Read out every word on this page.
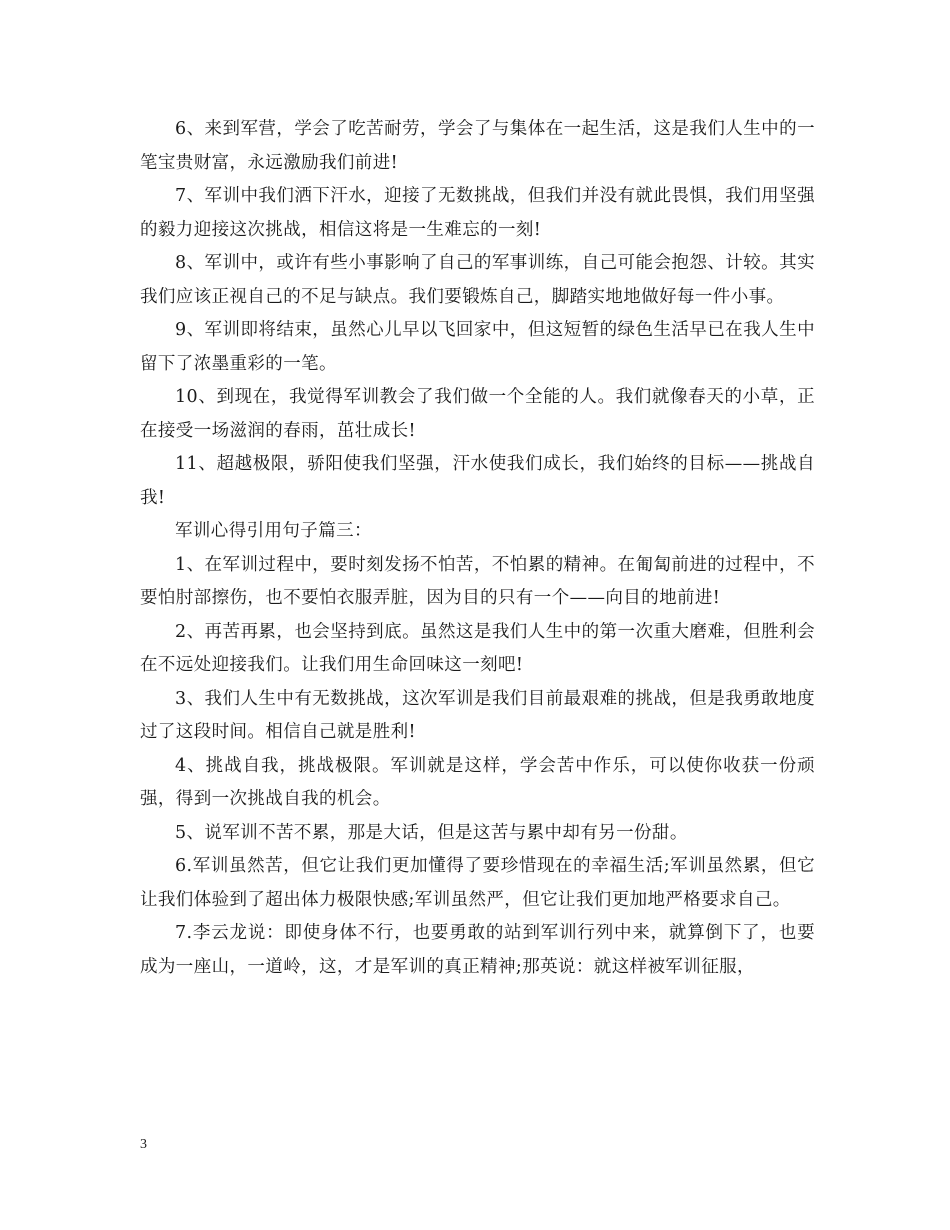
6、来到军营，学会了吃苦耐劳，学会了与集体在一起生活，这是我们人生中的一笔宝贵财富，永远激励我们前进!

7、军训中我们洒下汗水，迎接了无数挑战，但我们并没有就此畏惧，我们用坚强的毅力迎接这次挑战，相信这将是一生难忘的一刻!

8、军训中，或许有些小事影响了自己的军事训练，自己可能会抱怨、计较。其实我们应该正视自己的不足与缺点。我们要锻炼自己，脚踏实地地做好每一件小事。

9、军训即将结束，虽然心儿早以飞回家中，但这短暂的绿色生活早已在我人生中留下了浓墨重彩的一笔。

10、到现在，我觉得军训教会了我们做一个全能的人。我们就像春天的小草，正在接受一场滋润的春雨，茁壮成长!

11、超越极限，骄阳使我们坚强，汗水使我们成长，我们始终的目标——挑战自我!

军训心得引用句子篇三：

1、在军训过程中，要时刻发扬不怕苦，不怕累的精神。在匍匐前进的过程中，不要怕肘部擦伤，也不要怕衣服弄脏，因为目的只有一个——向目的地前进!

2、再苦再累，也会坚持到底。虽然这是我们人生中的第一次重大磨难，但胜利会在不远处迎接我们。让我们用生命回味这一刻吧!

3、我们人生中有无数挑战，这次军训是我们目前最艰难的挑战，但是我勇敢地度过了这段时间。相信自己就是胜利!

4、挑战自我，挑战极限。军训就是这样，学会苦中作乐，可以使你收获一份顽强，得到一次挑战自我的机会。

5、说军训不苦不累，那是大话，但是这苦与累中却有另一份甜。

6.军训虽然苦，但它让我们更加懂得了要珍惜现在的幸福生活;军训虽然累，但它让我们体验到了超出体力极限快感;军训虽然严，但它让我们更加地严格要求自己。

7.李云龙说：即使身体不行，也要勇敢的站到军训行列中来，就算倒下了，也要成为一座山，一道岭，这，才是军训的真正精神;那英说：就这样被军训征服，

3
